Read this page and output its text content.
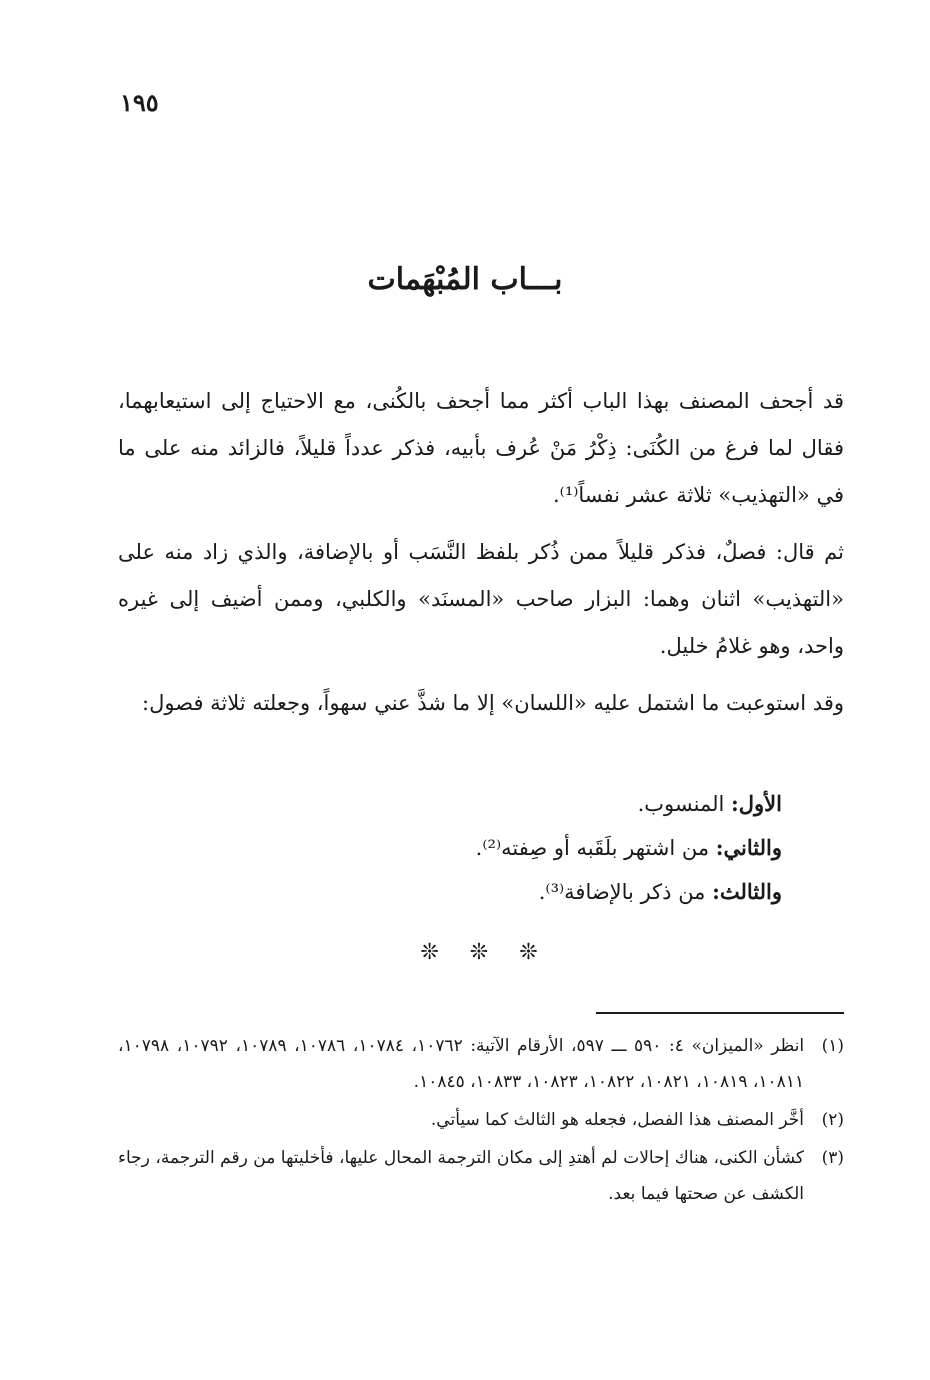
١٩٥
بـــاب المُبْهَمات

قد أجحف المصنف بهذا الباب أكثر مما أجحف بالكُنى، مع الاحتياج إلى استيعابهما، فقال لما فرغ من الكُنَى: ذِكْرُ مَنْ عُرف بأبيه، فذكر عدداً قليلاً، فالزائد منه على ما في «التهذيب» ثلاثة عشر نفساً⁽¹⁾.

ثم قال: فصلٌ، فذكر قليلاً ممن ذُكر بلفظ النَّسَب أو بالإضافة، والذي زاد منه على «التهذيب» اثنان وهما: البزار صاحب «المسنَد» والكلبي، وممن أضيف إلى غيره واحد، وهو غلامُ خليل.

وقد استوعبت ما اشتمل عليه «اللسان» إلا ما شذَّ عني سهواً، وجعلته ثلاثة فصول:

الأول: المنسوب.
والثاني: من اشتهر بلَقَبه أو صِفته⁽²⁾.
والثالث: من ذكر بالإضافة⁽³⁾.
❊ ❊ ❊
(١)
انظر «الميزان» ٤: ٥٩٠ ـــ ٥٩٧، الأرقام الآتية: ١٠٧٦٢، ١٠٧٨٤، ١٠٧٨٦، ١٠٧٨٩، ١٠٧٩٢، ١٠٧٩٨، ١٠٨١١، ١٠٨١٩، ١٠٨٢١، ١٠٨٢٢، ١٠٨٢٣، ١٠٨٣٣، ١٠٨٤٥.
(٢)
أخَّر المصنف هذا الفصل، فجعله هو الثالث كما سيأتي.
(٣)
كشأن الكنى، هناك إحالات لم أهتدِ إلى مكان الترجمة المحال عليها، فأخليتها من رقم الترجمة، رجاء الكشف عن صحتها فيما بعد.
